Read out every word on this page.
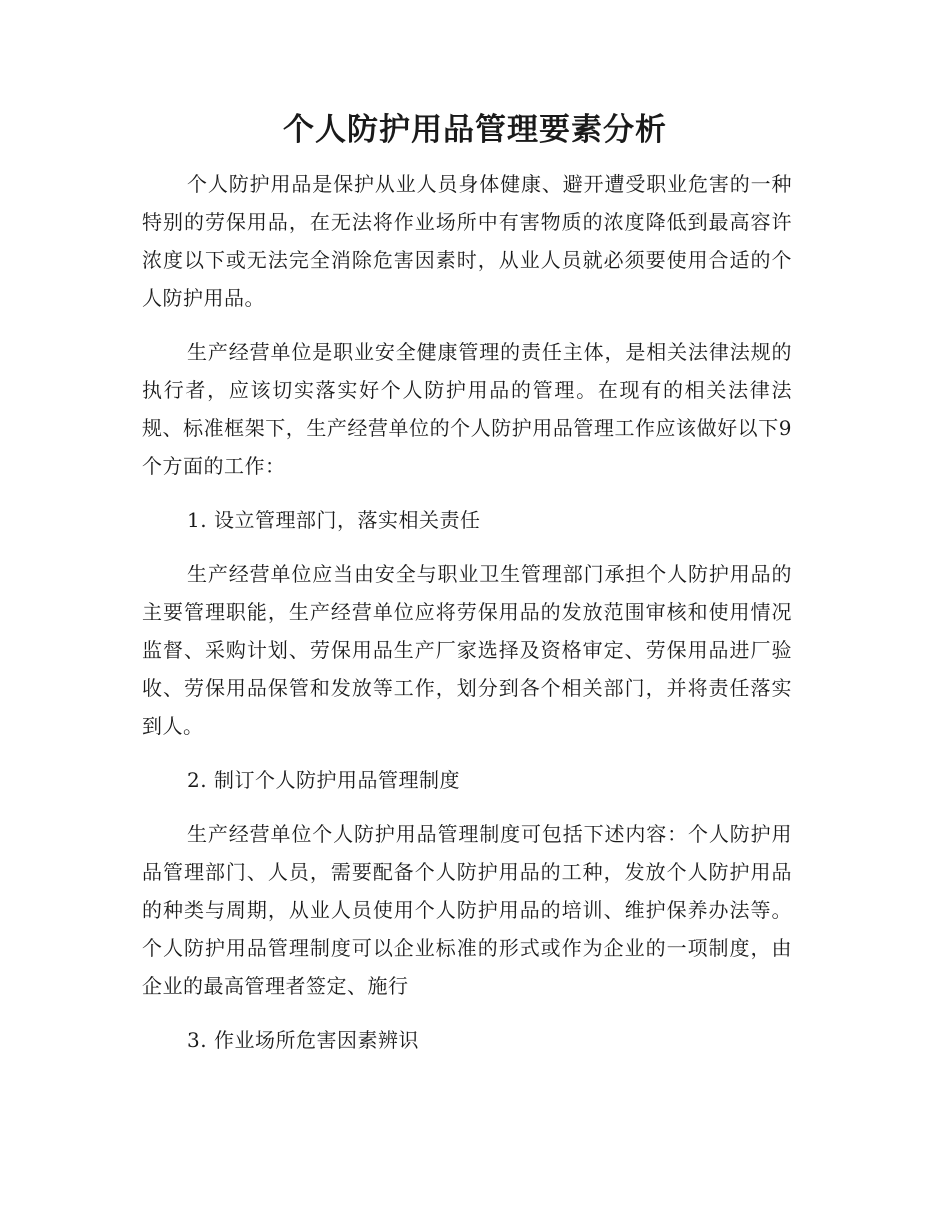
个人防护用品管理要素分析

个人防护用品是保护从业人员身体健康、避开遭受职业危害的一种特别的劳保用品，在无法将作业场所中有害物质的浓度降低到最高容许浓度以下或无法完全消除危害因素时，从业人员就必须要使用合适的个人防护用品。

生产经营单位是职业安全健康管理的责任主体，是相关法律法规的执行者，应该切实落实好个人防护用品的管理。在现有的相关法律法规、标准框架下，生产经营单位的个人防护用品管理工作应该做好以下9个方面的工作：

1. 设立管理部门，落实相关责任

生产经营单位应当由安全与职业卫生管理部门承担个人防护用品的主要管理职能，生产经营单位应将劳保用品的发放范围审核和使用情况监督、采购计划、劳保用品生产厂家选择及资格审定、劳保用品进厂验收、劳保用品保管和发放等工作，划分到各个相关部门，并将责任落实到人。

2. 制订个人防护用品管理制度

生产经营单位个人防护用品管理制度可包括下述内容：个人防护用品管理部门、人员，需要配备个人防护用品的工种，发放个人防护用品的种类与周期，从业人员使用个人防护用品的培训、维护保养办法等。个人防护用品管理制度可以企业标准的形式或作为企业的一项制度，由企业的最高管理者签定、施行

3. 作业场所危害因素辨识
